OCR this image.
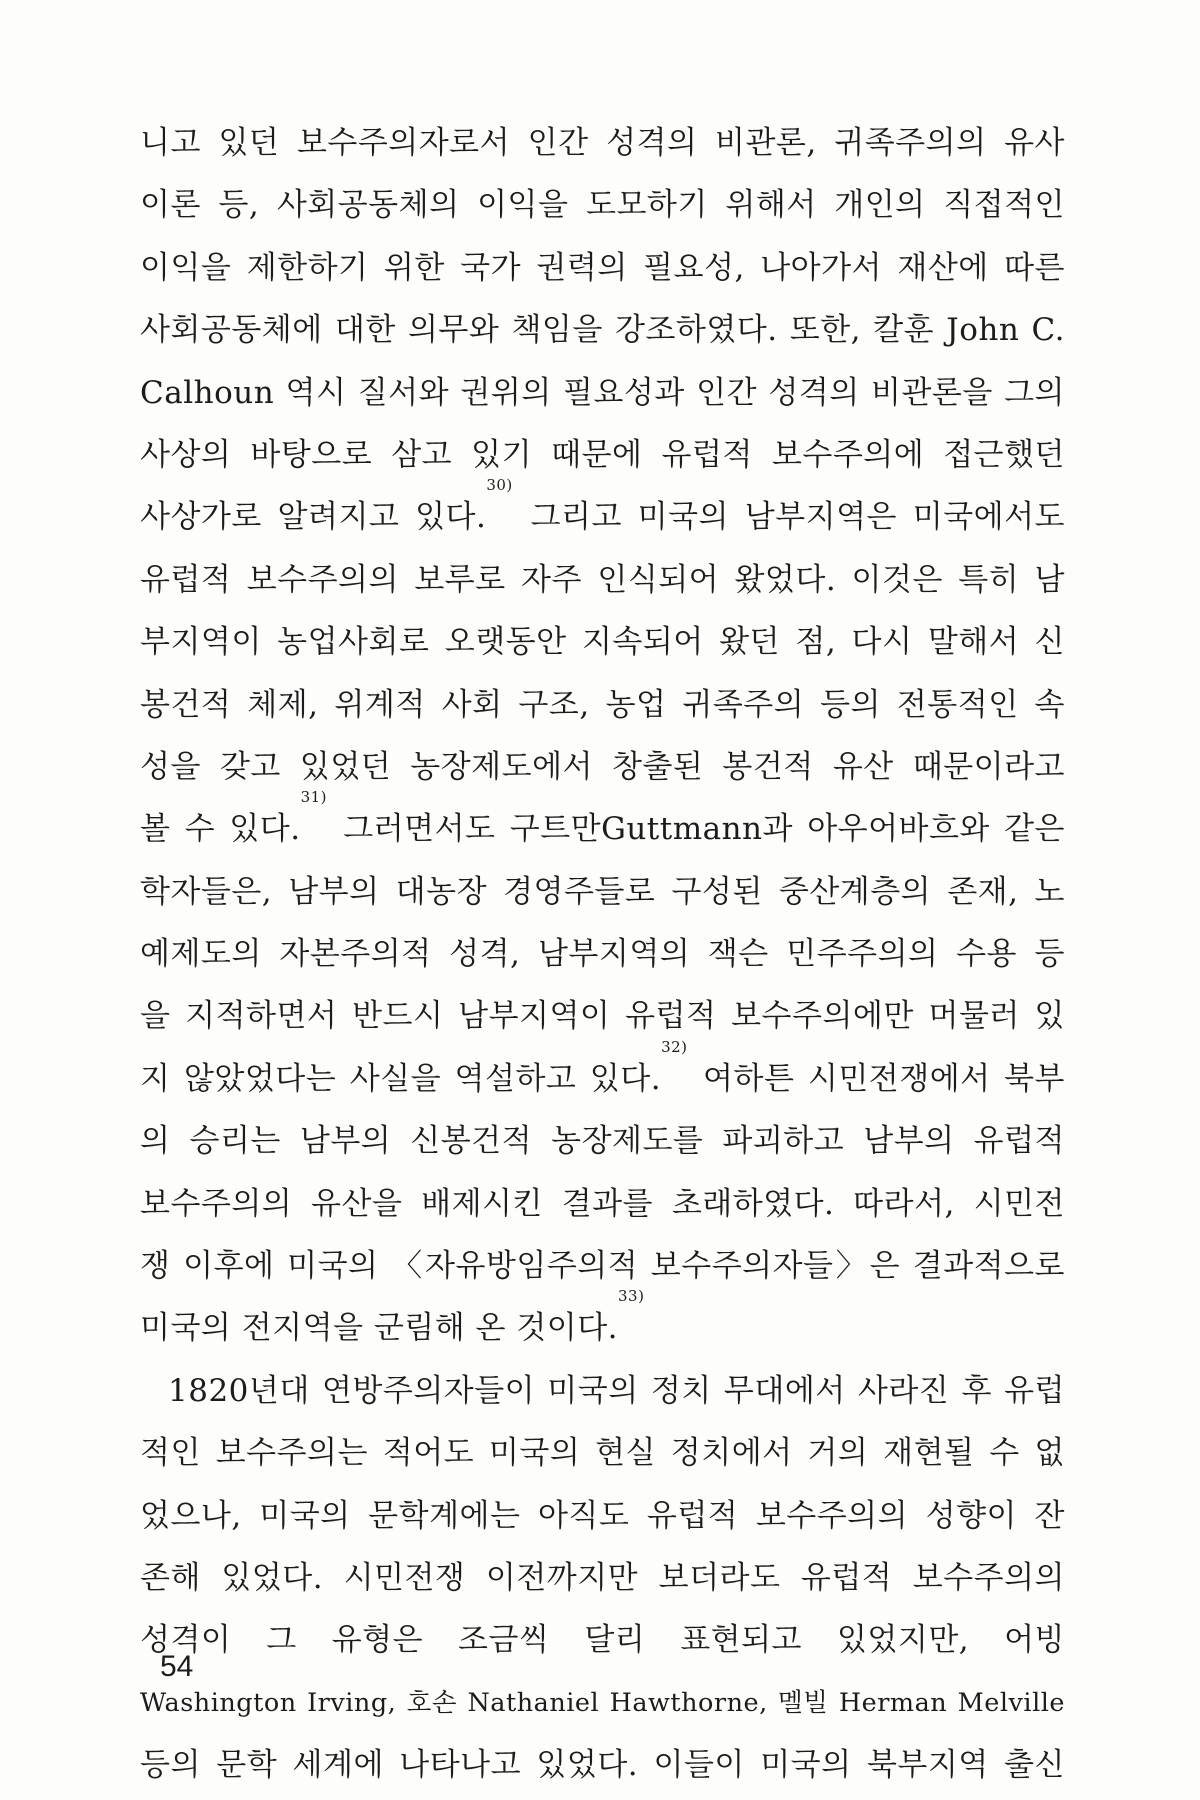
니고 있던 보수주의자로서 인간 성격의 비관론, 귀족주의의 유사
이론 등, 사회공동체의 이익을 도모하기 위해서 개인의 직접적인
이익을 제한하기 위한 국가 권력의 필요성, 나아가서 재산에 따른
사회공동체에 대한 의무와 책임을 강조하였다. 또한, 칼훈 John C.
Calhoun 역시 질서와 권위의 필요성과 인간 성격의 비관론을 그의
사상의 바탕으로 삼고 있기 때문에 유럽적 보수주의에 접근했던
사상가로 알려지고 있다.$^{30)}$ 그리고 미국의 남부지역은 미국에서도
유럽적 보수주의의 보루로 자주 인식되어 왔었다. 이것은 특히 남
부지역이 농업사회로 오랫동안 지속되어 왔던 점, 다시 말해서 신
봉건적 체제, 위계적 사회 구조, 농업 귀족주의 등의 전통적인 속
성을 갖고 있었던 농장제도에서 창출된 봉건적 유산 때문이라고
볼 수 있다.$^{31)}$ 그러면서도 구트만Guttmann과 아우어바흐와 같은
학자들은, 남부의 대농장 경영주들로 구성된 중산계층의 존재, 노
예제도의 자본주의적 성격, 남부지역의 잭슨 민주주의의 수용 등
을 지적하면서 반드시 남부지역이 유럽적 보수주의에만 머물러 있
지 않았었다는 사실을 역설하고 있다.$^{32)}$ 여하튼 시민전쟁에서 북부
의 승리는 남부의 신봉건적 농장제도를 파괴하고 남부의 유럽적
보수주의의 유산을 배제시킨 결과를 초래하였다. 따라서, 시민전
쟁 이후에 미국의 〈자유방임주의적 보수주의자들〉은 결과적으로
미국의 전지역을 군림해 온 것이다.$^{33)}$
1820년대 연방주의자들이 미국의 정치 무대에서 사라진 후 유럽
적인 보수주의는 적어도 미국의 현실 정치에서 거의 재현될 수 없
었으나, 미국의 문학계에는 아직도 유럽적 보수주의의 성향이 잔
존해 있었다. 시민전쟁 이전까지만 보더라도 유럽적 보수주의의
성격이 그 유형은 조금씩 달리 표현되고 있었지만, 어빙
Washington Irving, 호손 Nathaniel Hawthorne, 멜빌 Herman Melville
등의 문학 세계에 나타나고 있었다. 이들이 미국의 북부지역 출신
54
